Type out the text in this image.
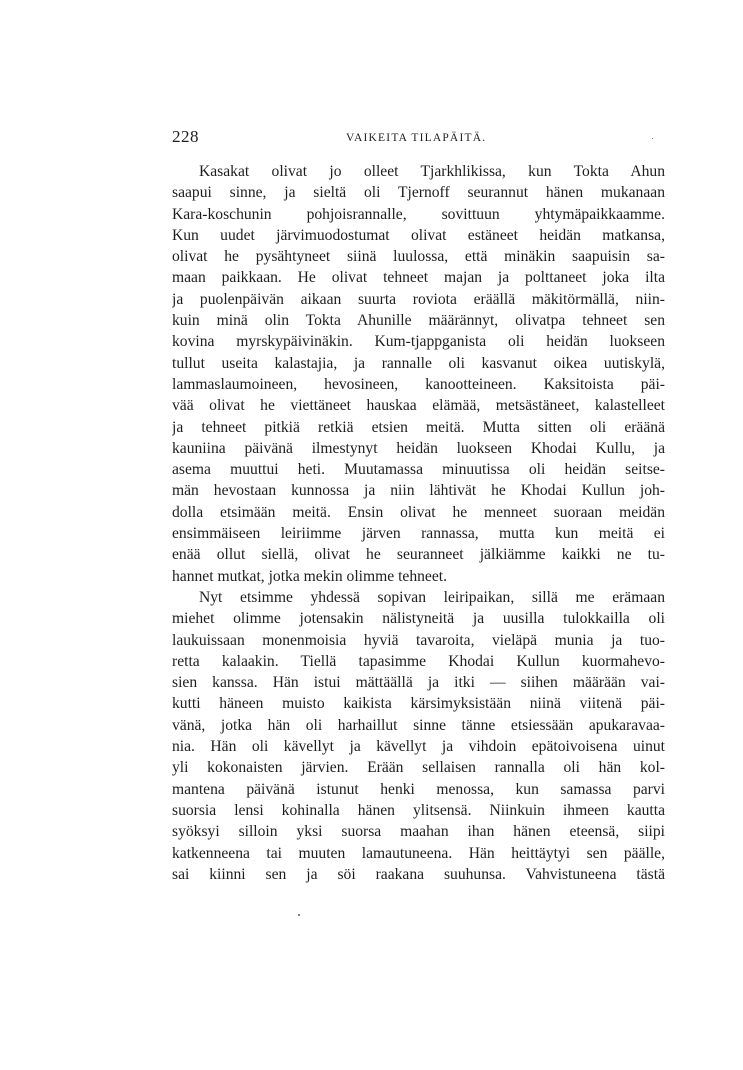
228	VAIKEITA TILAPÄITÄ.
Kasakat olivat jo olleet Tjarkhlikissa, kun Tokta Ahun
saapui sinne, ja sieltä oli Tjernoff seurannut hänen mukanaan
Kara-koschunin pohjoisrannalle, sovittuun yhtymäpaikkaamme.
Kun uudet järvimuodostumat olivat estäneet heidän matkansa,
olivat he pysähtyneet siinä luulossa, että minäkin saapuisin sa-
maan paikkaan. He olivat tehneet majan ja polttaneet joka ilta
ja puolenpäivän aikaan suurta roviota eräällä mäkitörmällä, niin-
kuin minä olin Tokta Ahunille määrännyt, olivatpa tehneet sen
kovina myrskypäivinäkin. Kum-tjappganista oli heidän luokseen
tullut useita kalastajia, ja rannalle oli kasvanut oikea uutiskylä,
lammaslaumoineen, hevosineen, kanootteineen. Kaksitoista päi-
vää olivat he viettäneet hauskaa elämää, metsästäneet, kalastelleet
ja tehneet pitkiä retkiä etsien meitä. Mutta sitten oli eräänä
kauniina päivänä ilmestynyt heidän luokseen Khodai Kullu, ja
asema muuttui heti. Muutamassa minuutissa oli heidän seitse-
män hevostaan kunnossa ja niin lähtivät he Khodai Kullun joh-
dolla etsimään meitä. Ensin olivat he menneet suoraan meidän
ensimmäiseen leiriimme järven rannassa, mutta kun meitä ei
enää ollut siellä, olivat he seuranneet jälkiämme kaikki ne tu-
hannet mutkat, jotka mekin olimme tehneet.
Nyt etsimme yhdessä sopivan leiripaikan, sillä me erämaan
miehet olimme jotensakin nälistyneitä ja uusilla tulokkailla oli
laukuissaan monenmoisia hyviä tavaroita, vieläpä munia ja tuo-
retta kalaakin. Tiellä tapasimme Khodai Kullun kuormahevo-
sien kanssa. Hän istui mättäällä ja itki — siihen määrään vai-
kutti häneen muisto kaikista kärsimyksistään niinä viitenä päi-
vänä, jotka hän oli harhaillut sinne tänne etsiessään apukaravaa-
nia. Hän oli kävellyt ja kävellyt ja vihdoin epätoivoisena uinut
yli kokonaisten järvien. Erään sellaisen rannalla oli hän kol-
mantena päivänä istunut henki menossa, kun samassa parvi
suorsia lensi kohinalla hänen ylitsensä. Niinkuin ihmeen kautta
syöksyi silloin yksi suorsa maahan ihan hänen eteensä, siipi
katkenneena tai muuten lamautuneena. Hän heittäytyi sen päälle,
sai kiinni sen ja söi raakana suuhunsa. Vahvistuneena tästä
